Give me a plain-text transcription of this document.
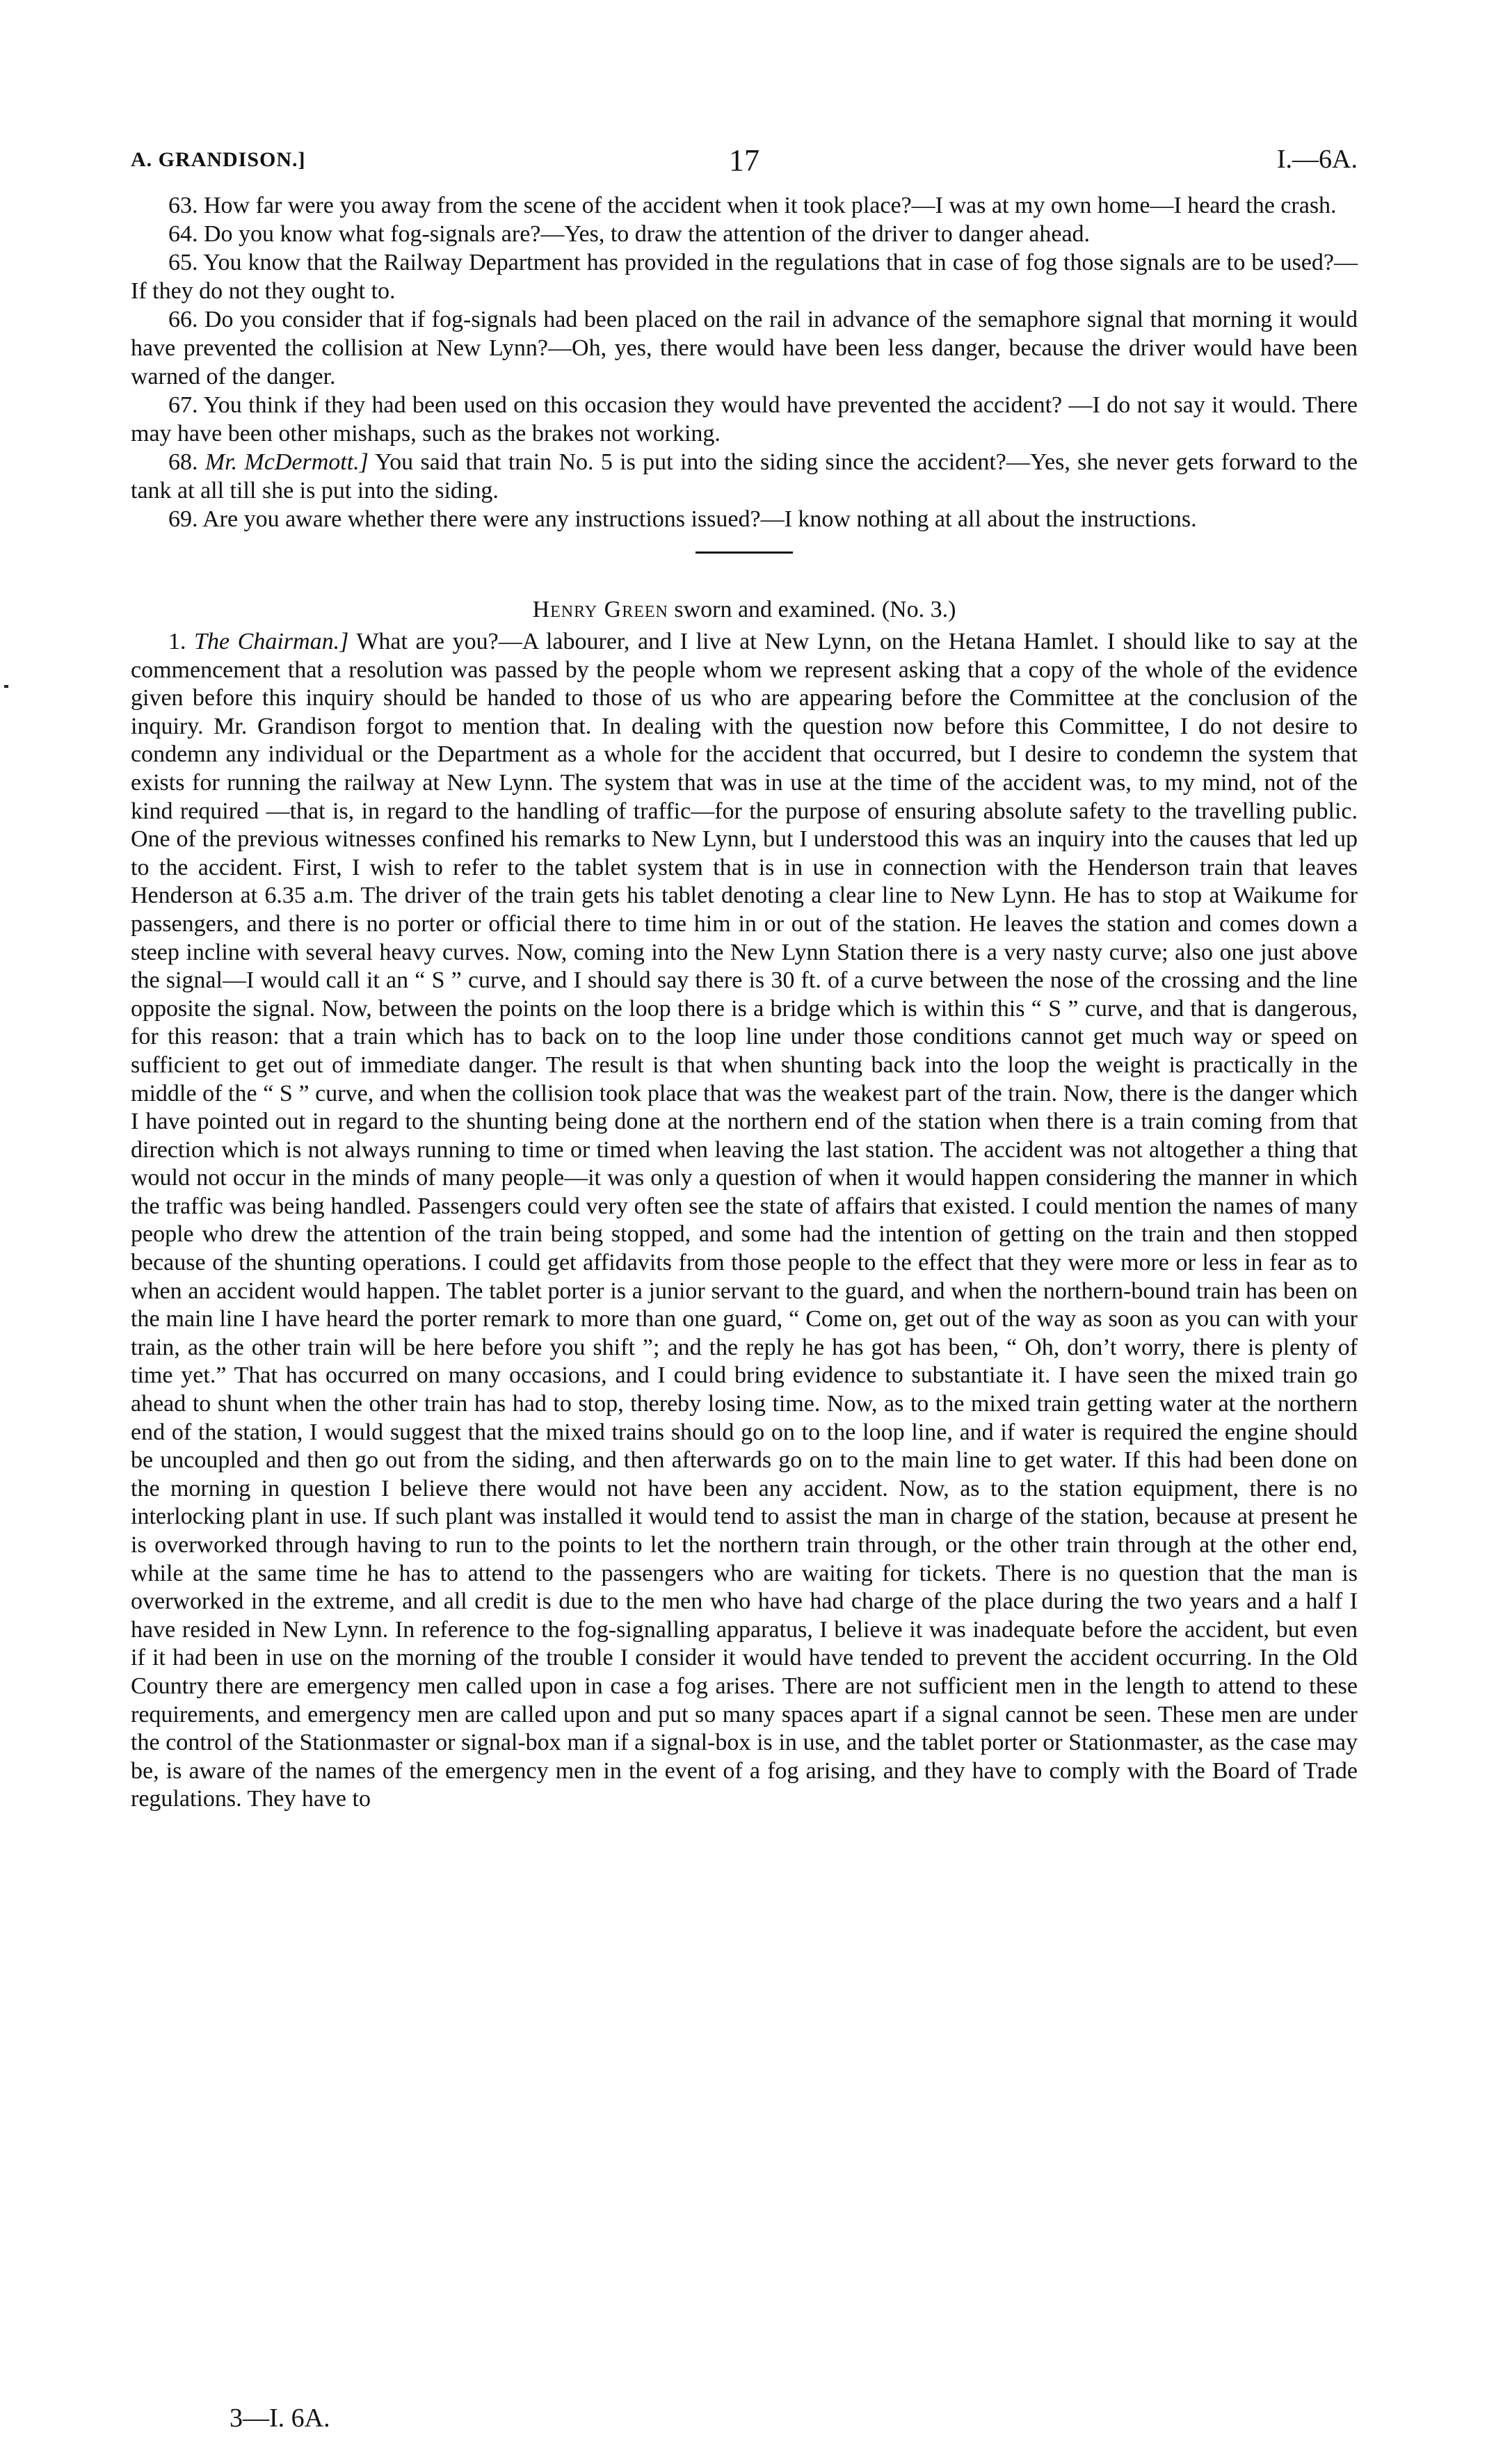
A. GRANDISON.]	17	I.—6A.

63. How far were you away from the scene of the accident when it took place?—I was at my own home—I heard the crash.

64. Do you know what fog-signals are?—Yes, to draw the attention of the driver to danger ahead.

65. You know that the Railway Department has provided in the regulations that in case of fog those signals are to be used?—If they do not they ought to.

66. Do you consider that if fog-signals had been placed on the rail in advance of the semaphore signal that morning it would have prevented the collision at New Lynn?—Oh, yes, there would have been less danger, because the driver would have been warned of the danger.

67. You think if they had been used on this occasion they would have prevented the accident? —I do not say it would. There may have been other mishaps, such as the brakes not working.

68. Mr. McDermott.] You said that train No. 5 is put into the siding since the accident?—Yes, she never gets forward to the tank at all till she is put into the siding.

69. Are you aware whether there were any instructions issued?—I know nothing at all about the instructions.

Henry Green sworn and examined. (No. 3.)

1. The Chairman.] What are you?—A labourer, and I live at New Lynn, on the Hetana Hamlet. I should like to say at the commencement that a resolution was passed by the people whom we represent asking that a copy of the whole of the evidence given before this inquiry should be handed to those of us who are appearing before the Committee at the conclusion of the inquiry. Mr. Grandison forgot to mention that. In dealing with the question now before this Committee, I do not desire to condemn any individual or the Department as a whole for the accident that occurred, but I desire to condemn the system that exists for running the railway at New Lynn. The system that was in use at the time of the accident was, to my mind, not of the kind required —that is, in regard to the handling of traffic—for the purpose of ensuring absolute safety to the travelling public. One of the previous witnesses confined his remarks to New Lynn, but I understood this was an inquiry into the causes that led up to the accident. First, I wish to refer to the tablet system that is in use in connection with the Henderson train that leaves Henderson at 6.35 a.m. The driver of the train gets his tablet denoting a clear line to New Lynn. He has to stop at Waikume for passengers, and there is no porter or official there to time him in or out of the station. He leaves the station and comes down a steep incline with several heavy curves. Now, coming into the New Lynn Station there is a very nasty curve; also one just above the signal—I would call it an “ S ” curve, and I should say there is 30 ft. of a curve between the nose of the crossing and the line opposite the signal. Now, between the points on the loop there is a bridge which is within this “ S ” curve, and that is dangerous, for this reason: that a train which has to back on to the loop line under those conditions cannot get much way or speed on sufficient to get out of immediate danger. The result is that when shunting back into the loop the weight is practically in the middle of the “ S ” curve, and when the collision took place that was the weakest part of the train. Now, there is the danger which I have pointed out in regard to the shunting being done at the northern end of the station when there is a train coming from that direction which is not always running to time or timed when leaving the last station. The accident was not altogether a thing that would not occur in the minds of many people—it was only a question of when it would happen considering the manner in which the traffic was being handled. Passengers could very often see the state of affairs that existed. I could mention the names of many people who drew the attention of the train being stopped, and some had the intention of getting on the train and then stopped because of the shunting operations. I could get affidavits from those people to the effect that they were more or less in fear as to when an accident would happen. The tablet porter is a junior servant to the guard, and when the northern-bound train has been on the main line I have heard the porter remark to more than one guard, “ Come on, get out of the way as soon as you can with your train, as the other train will be here before you shift ”; and the reply he has got has been, “ Oh, don’t worry, there is plenty of time yet.” That has occurred on many occasions, and I could bring evidence to substantiate it. I have seen the mixed train go ahead to shunt when the other train has had to stop, thereby losing time. Now, as to the mixed train getting water at the northern end of the station, I would suggest that the mixed trains should go on to the loop line, and if water is required the engine should be uncoupled and then go out from the siding, and then afterwards go on to the main line to get water. If this had been done on the morning in question I believe there would not have been any accident. Now, as to the station equipment, there is no interlocking plant in use. If such plant was installed it would tend to assist the man in charge of the station, because at present he is overworked through having to run to the points to let the northern train through, or the other train through at the other end, while at the same time he has to attend to the passengers who are waiting for tickets. There is no question that the man is overworked in the extreme, and all credit is due to the men who have had charge of the place during the two years and a half I have resided in New Lynn. In reference to the fog-signalling apparatus, I believe it was inadequate before the accident, but even if it had been in use on the morning of the trouble I consider it would have tended to prevent the accident occurring. In the Old Country there are emergency men called upon in case a fog arises. There are not sufficient men in the length to attend to these requirements, and emergency men are called upon and put so many spaces apart if a signal cannot be seen. These men are under the control of the Stationmaster or signal-box man if a signal-box is in use, and the tablet porter or Stationmaster, as the case may be, is aware of the names of the emergency men in the event of a fog arising, and they have to comply with the Board of Trade regulations. They have to

3—I. 6A.
